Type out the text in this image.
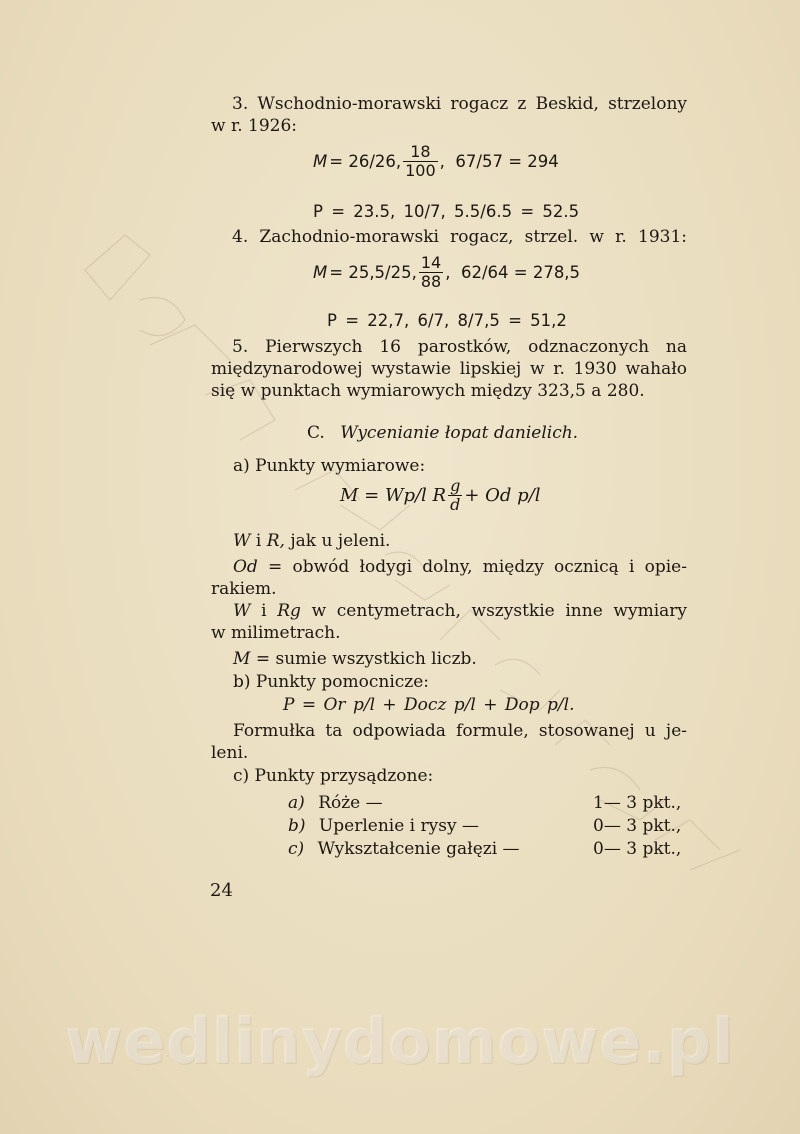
3. Wschodnio-morawski rogacz z Beskid, strzelony
w r. 1926:
M = 26/26, $\frac{18}{100}$ ,  67/57 = 294
P = 23.5, 10/7, 5.5/6.5 = 52.5
4. Zachodnio-morawski rogacz, strzel. w r. 1931:
M = 25,5/25, $\frac{14}{88}$ ,  62/64 = 278,5
P = 22,7, 6/7, 8/7,5 = 51,2
5. Pierwszych 16 parostków, odznaczonych na
międzynarodowej wystawie lipskiej w r. 1930 wahało
się w punktach wymiarowych między 323,5 a 280.
C. Wycenianie łopat danielich.
a) Punkty wymiarowe:
M = Wp/l R $\frac{g}{d} + Od$ p/l
W i R, jak u jeleni.
Od = obwód łodygi dolny, między ocznicą i opie-
rakiem.
W i Rg w centymetrach, wszystkie inne wymiary
w milimetrach.
M = sumie wszystkich liczb.
b) Punkty pomocnicze:
P = Or p/l + Docz p/l + Dop p/l.
Formułka ta odpowiada formule, stosowanej u je-
leni.
c) Punkty przysądzone:
a) Róże —	1— 3 pkt.,
b) Uperlenie i rysy —	0— 3 pkt.,
c) Wykształcenie gałęzi —	0— 3 pkt.,
24
wedlinydomowe.pl
